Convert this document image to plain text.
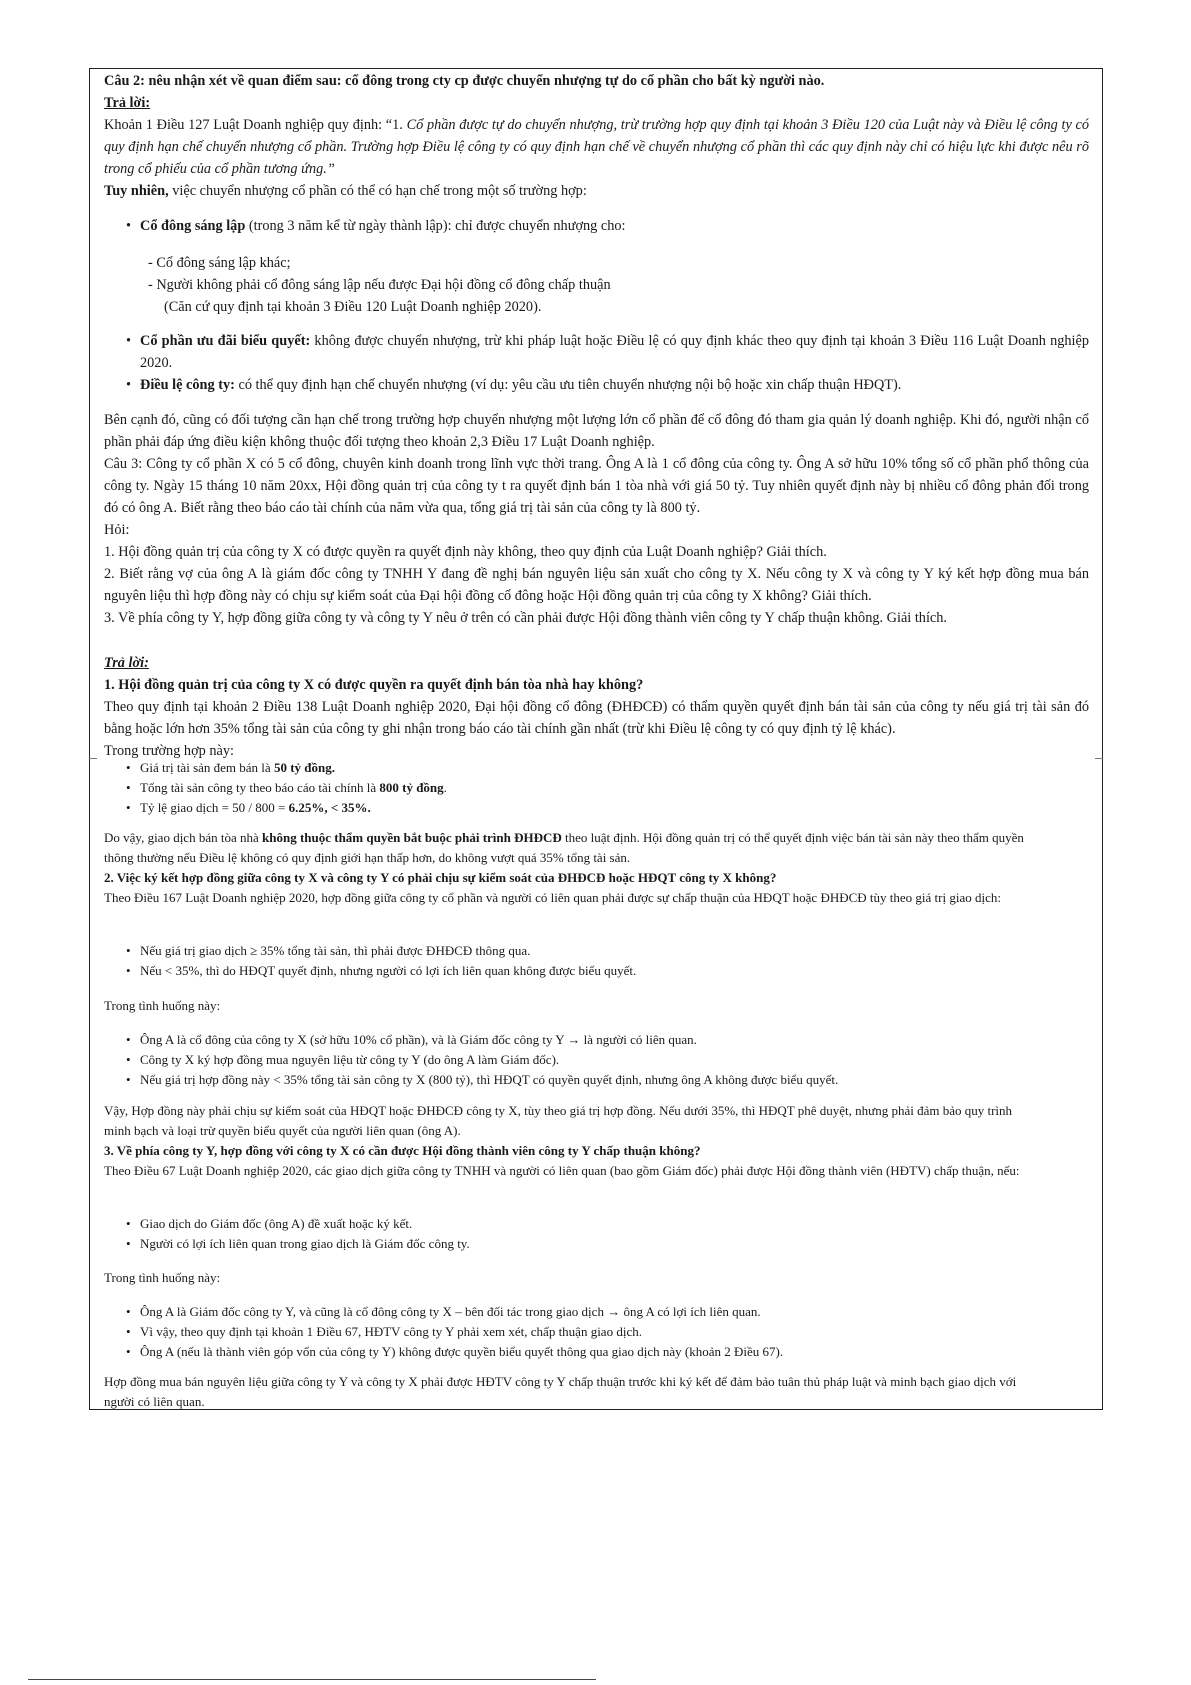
Câu 2: nêu nhận xét về quan điểm sau: cổ đông trong cty cp được chuyển nhượng tự do cổ phần cho bất kỳ người nào.

Trả lời:

Khoản 1 Điều 127 Luật Doanh nghiệp quy định: “1. Cổ phần được tự do chuyển nhượng, trừ trường hợp quy định tại khoản 3 Điều 120 của Luật này và Điều lệ công ty có quy định hạn chế chuyển nhượng cổ phần. Trường hợp Điều lệ công ty có quy định hạn chế về chuyển nhượng cổ phần thì các quy định này chỉ có hiệu lực khi được nêu rõ trong cổ phiếu của cổ phần tương ứng.”

Tuy nhiên, việc chuyển nhượng cổ phần có thể có hạn chế trong một số trường hợp:

• Cổ đông sáng lập (trong 3 năm kể từ ngày thành lập): chỉ được chuyển nhượng cho:

- Cổ đông sáng lập khác;

- Người không phải cổ đông sáng lập nếu được Đại hội đồng cổ đông chấp thuận

(Căn cứ quy định tại khoản 3 Điều 120 Luật Doanh nghiệp 2020).

• Cổ phần ưu đãi biểu quyết: không được chuyển nhượng, trừ khi pháp luật hoặc Điều lệ có quy định khác theo quy định tại khoản 3 Điều 116 Luật Doanh nghiệp 2020.
• Điều lệ công ty: có thể quy định hạn chế chuyển nhượng (ví dụ: yêu cầu ưu tiên chuyển nhượng nội bộ hoặc xin chấp thuận HĐQT).

Bên cạnh đó, cũng có đối tượng cần hạn chế trong trường hợp chuyển nhượng một lượng lớn cổ phần để cổ đông đó tham gia quản lý doanh nghiệp. Khi đó, người nhận cổ phần phải đáp ứng điều kiện không thuộc đối tượng theo khoản 2,3 Điều 17 Luật Doanh nghiệp.

Câu 3: Công ty cổ phần X có 5 cổ đông, chuyên kinh doanh trong lĩnh vực thời trang. Ông A là 1 cổ đông của công ty. Ông A sở hữu 10% tổng số cổ phần phổ thông của công ty. Ngày 15 tháng 10 năm 20xx, Hội đồng quản trị của công ty t ra quyết định bán 1 tòa nhà với giá 50 tỷ. Tuy nhiên quyết định này bị nhiều cổ đông phản đối trong đó có ông A. Biết rằng theo báo cáo tài chính của năm vừa qua, tổng giá trị tài sản của công ty là 800 tỷ.

Hỏi:

1. Hội đồng quản trị của công ty X có được quyền ra quyết định này không, theo quy định của Luật Doanh nghiệp? Giải thích.

2. Biết rằng vợ của ông A là giám đốc công ty TNHH Y đang đề nghị bán nguyên liệu sản xuất cho công ty X. Nếu công ty X và công ty Y ký kết hợp đồng mua bán nguyên liệu thì hợp đồng này có chịu sự kiểm soát của Đại hội đồng cổ đông hoặc Hội đồng quản trị của công ty X không? Giải thích.

3. Về phía công ty Y, hợp đồng giữa công ty và công ty Y nêu ở trên có cần phải được Hội đồng thành viên công ty Y chấp thuận không. Giải thích.

Trả lời:

1. Hội đồng quản trị của công ty X có được quyền ra quyết định bán tòa nhà hay không?

Theo quy định tại khoản 2 Điều 138 Luật Doanh nghiệp 2020, Đại hội đồng cổ đông (ĐHĐCĐ) có thẩm quyền quyết định bán tài sản của công ty nếu giá trị tài sản đó bằng hoặc lớn hơn 35% tổng tài sản của công ty ghi nhận trong báo cáo tài chính gần nhất (trừ khi Điều lệ công ty có quy định tỷ lệ khác).

Trong trường hợp này:

• Giá trị tài sản đem bán là 50 tỷ đồng.
• Tổng tài sản công ty theo báo cáo tài chính là 800 tỷ đồng.
• Tỷ lệ giao dịch = 50 / 800 = 6.25%, < 35%.

Do vậy, giao dịch bán tòa nhà không thuộc thẩm quyền bắt buộc phải trình ĐHĐCĐ theo luật định. Hội đồng quản trị có thể quyết định việc bán tài sản này theo thẩm quyền thông thường nếu Điều lệ không có quy định giới hạn thấp hơn, do không vượt quá 35% tổng tài sản.

2. Việc ký kết hợp đồng giữa công ty X và công ty Y có phải chịu sự kiểm soát của ĐHĐCĐ hoặc HĐQT công ty X không?

Theo Điều 167 Luật Doanh nghiệp 2020, hợp đồng giữa công ty cổ phần và người có liên quan phải được sự chấp thuận của HĐQT hoặc ĐHĐCĐ tùy theo giá trị giao dịch:

• Nếu giá trị giao dịch ≥ 35% tổng tài sản, thì phải được ĐHĐCĐ thông qua.
• Nếu < 35%, thì do HĐQT quyết định, nhưng người có lợi ích liên quan không được biểu quyết.
Trong tình huống này:
• Ông A là cổ đông của công ty X (sở hữu 10% cổ phần), và là Giám đốc công ty Y → là người có liên quan.
• Công ty X ký hợp đồng mua nguyên liệu từ công ty Y (do ông A làm Giám đốc).
• Nếu giá trị hợp đồng này < 35% tổng tài sản công ty X (800 tỷ), thì HĐQT có quyền quyết định, nhưng ông A không được biểu quyết.

Vậy, Hợp đồng này phải chịu sự kiểm soát của HĐQT hoặc ĐHĐCĐ công ty X, tùy theo giá trị hợp đồng. Nếu dưới 35%, thì HĐQT phê duyệt, nhưng phải đảm bảo quy trình minh bạch và loại trừ quyền biểu quyết của người liên quan (ông A).

3. Về phía công ty Y, hợp đồng với công ty X có cần được Hội đồng thành viên công ty Y chấp thuận không?

Theo Điều 67 Luật Doanh nghiệp 2020, các giao dịch giữa công ty TNHH và người có liên quan (bao gồm Giám đốc) phải được Hội đồng thành viên (HĐTV) chấp thuận, nếu:

• Giao dịch do Giám đốc (ông A) đề xuất hoặc ký kết.
• Người có lợi ích liên quan trong giao dịch là Giám đốc công ty.
Trong tình huống này:
• Ông A là Giám đốc công ty Y, và cũng là cổ đông công ty X – bên đối tác trong giao dịch → ông A có lợi ích liên quan.
• Vì vậy, theo quy định tại khoản 1 Điều 67, HĐTV công ty Y phải xem xét, chấp thuận giao dịch.
• Ông A (nếu là thành viên góp vốn của công ty Y) không được quyền biểu quyết thông qua giao dịch này (khoản 2 Điều 67).
Hợp đồng mua bán nguyên liệu giữa công ty Y và công ty X phải được HĐTV công ty Y chấp thuận trước khi ký kết để đảm bảo tuân thủ pháp luật và minh bạch giao dịch với người có liên quan.
